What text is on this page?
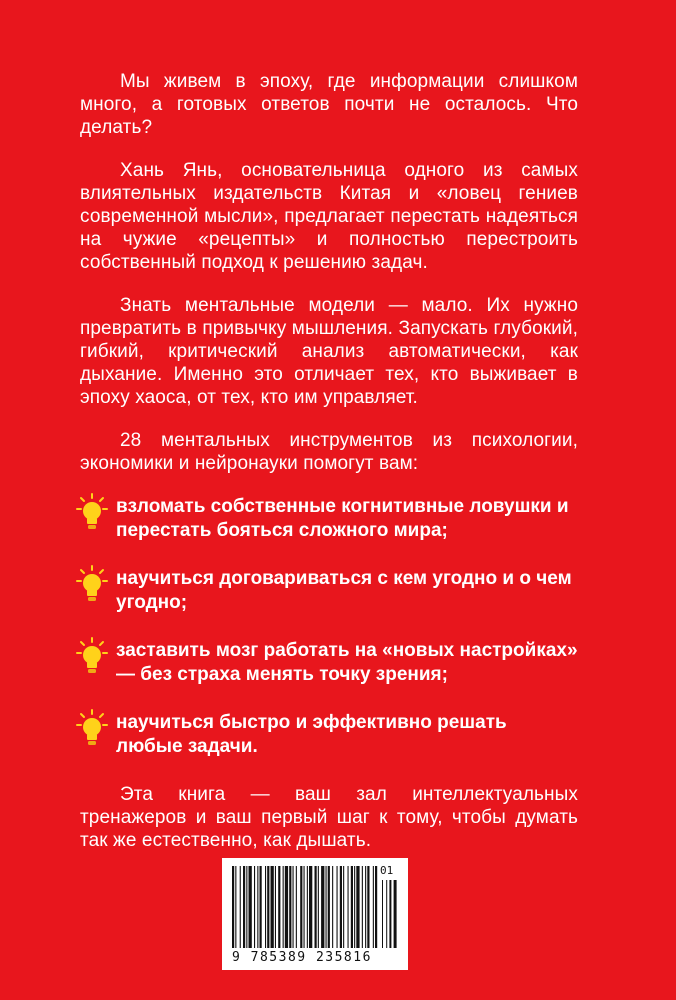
Мы живем в эпоху, где информации слишком много, а готовых ответов почти не осталось. Что делать?

Хань Янь, основательница одного из самых влиятельных издательств Китая и «ловец гениев современной мысли», предлагает перестать надеяться на чужие «рецепты» и полностью перестроить собственный подход к решению задач.

Знать ментальные модели — мало. Их нужно превратить в привычку мышления. Запускать глубокий, гибкий, критический анализ автоматически, как дыхание. Именно это отличает тех, кто выживает в эпоху хаоса, от тех, кто им управляет.

28 ментальных инструментов из психологии, экономики и нейронауки помогут вам:

взломать собственные когнитивные ловушки и перестать бояться сложного мира;
научиться договариваться с кем угодно и о чем угодно;
заставить мозг работать на «новых настройках» — без страха менять точку зрения;
научиться быстро и эффективно решать любые задачи.

Эта книга — ваш зал интеллектуальных тренажеров и ваш первый шаг к тому, чтобы думать так же естественно, как дышать.

9 785389 235816
01
